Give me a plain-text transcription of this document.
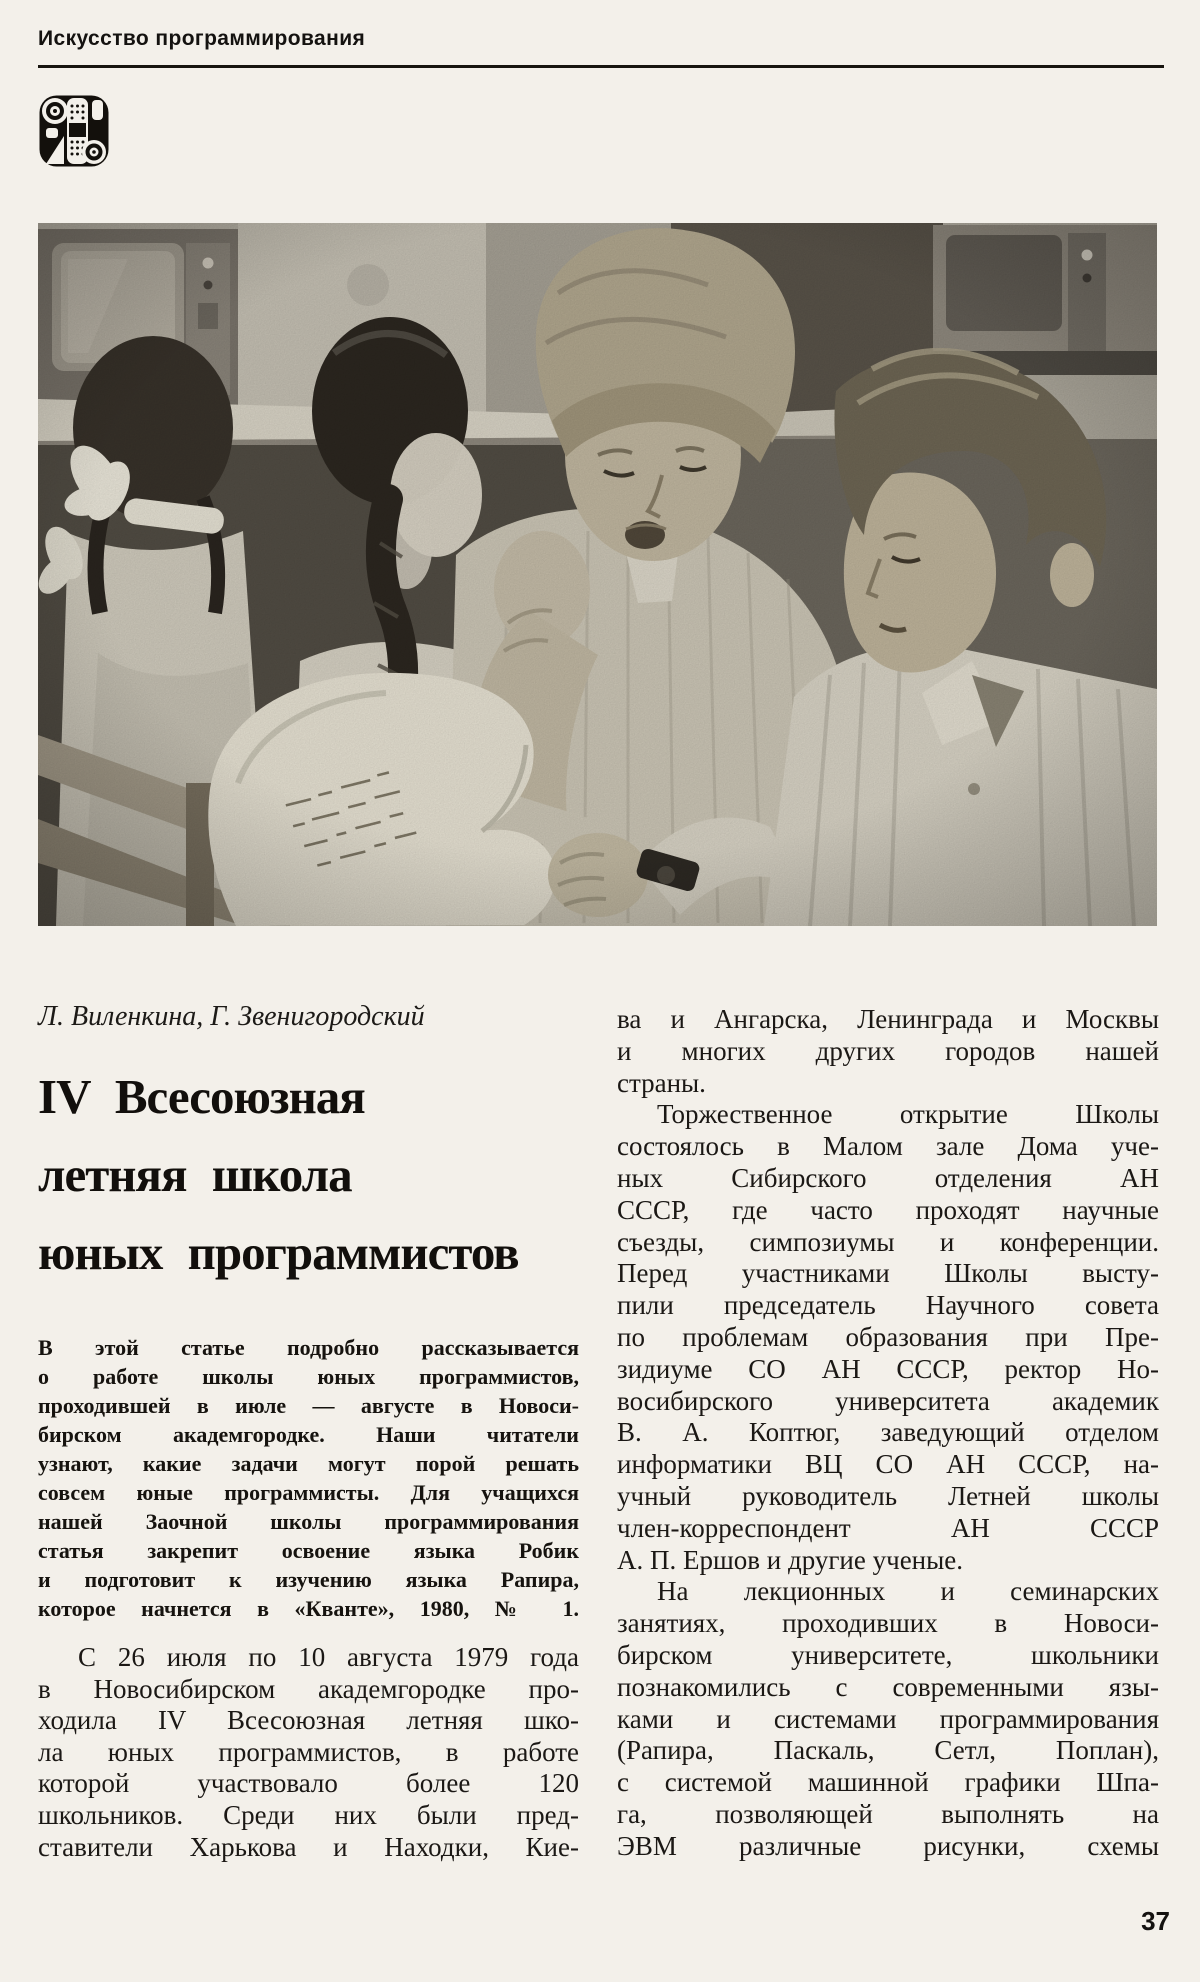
Искусство программирования
Л. Виленкина, Г. Звенигородский
IV Всесоюзная
летняя школа
юных программистов
В этой статье подробно рассказывается
о работе школы юных программистов,
проходившей в июле — августе в Новоси-
бирском академгородке. Наши читатели
узнают, какие задачи могут порой решать
совсем юные программисты. Для учащихся
нашей Заочной школы программирования
статья закрепит освоение языка Робик
и подготовит к изучению языка Рапира,
которое начнется в «Кванте», 1980, № 1.
С 26 июля по 10 августа 1979 года
в Новосибирском академгородке про-
ходила IV Всесоюзная летняя шко-
ла юных программистов, в работе
которой участвовало более 120
школьников. Среди них были пред-
ставители Харькова и Находки, Кие-
ва и Ангарска, Ленинграда и Москвы
и многих других городов нашей
страны.
Торжественное открытие Школы
состоялось в Малом зале Дома уче-
ных Сибирского отделения АН
СССР, где часто проходят научные
съезды, симпозиумы и конференции.
Перед участниками Школы высту-
пили председатель Научного совета
по проблемам образования при Пре-
зидиуме СО АН СССР, ректор Но-
восибирского университета академик
В. А. Коптюг, заведующий отделом
информатики ВЦ СО АН СССР, на-
учный руководитель Летней школы
член-корреспондент АН СССР
А. П. Ершов и другие ученые.
На лекционных и семинарских
занятиях, проходивших в Новоси-
бирском университете, школьники
познакомились с современными язы-
ками и системами программирования
(Рапира, Паскаль, Сетл, Поплан),
с системой машинной графики Шпа-
га, позволяющей выполнять на
ЭВМ различные рисунки, схемы
37
